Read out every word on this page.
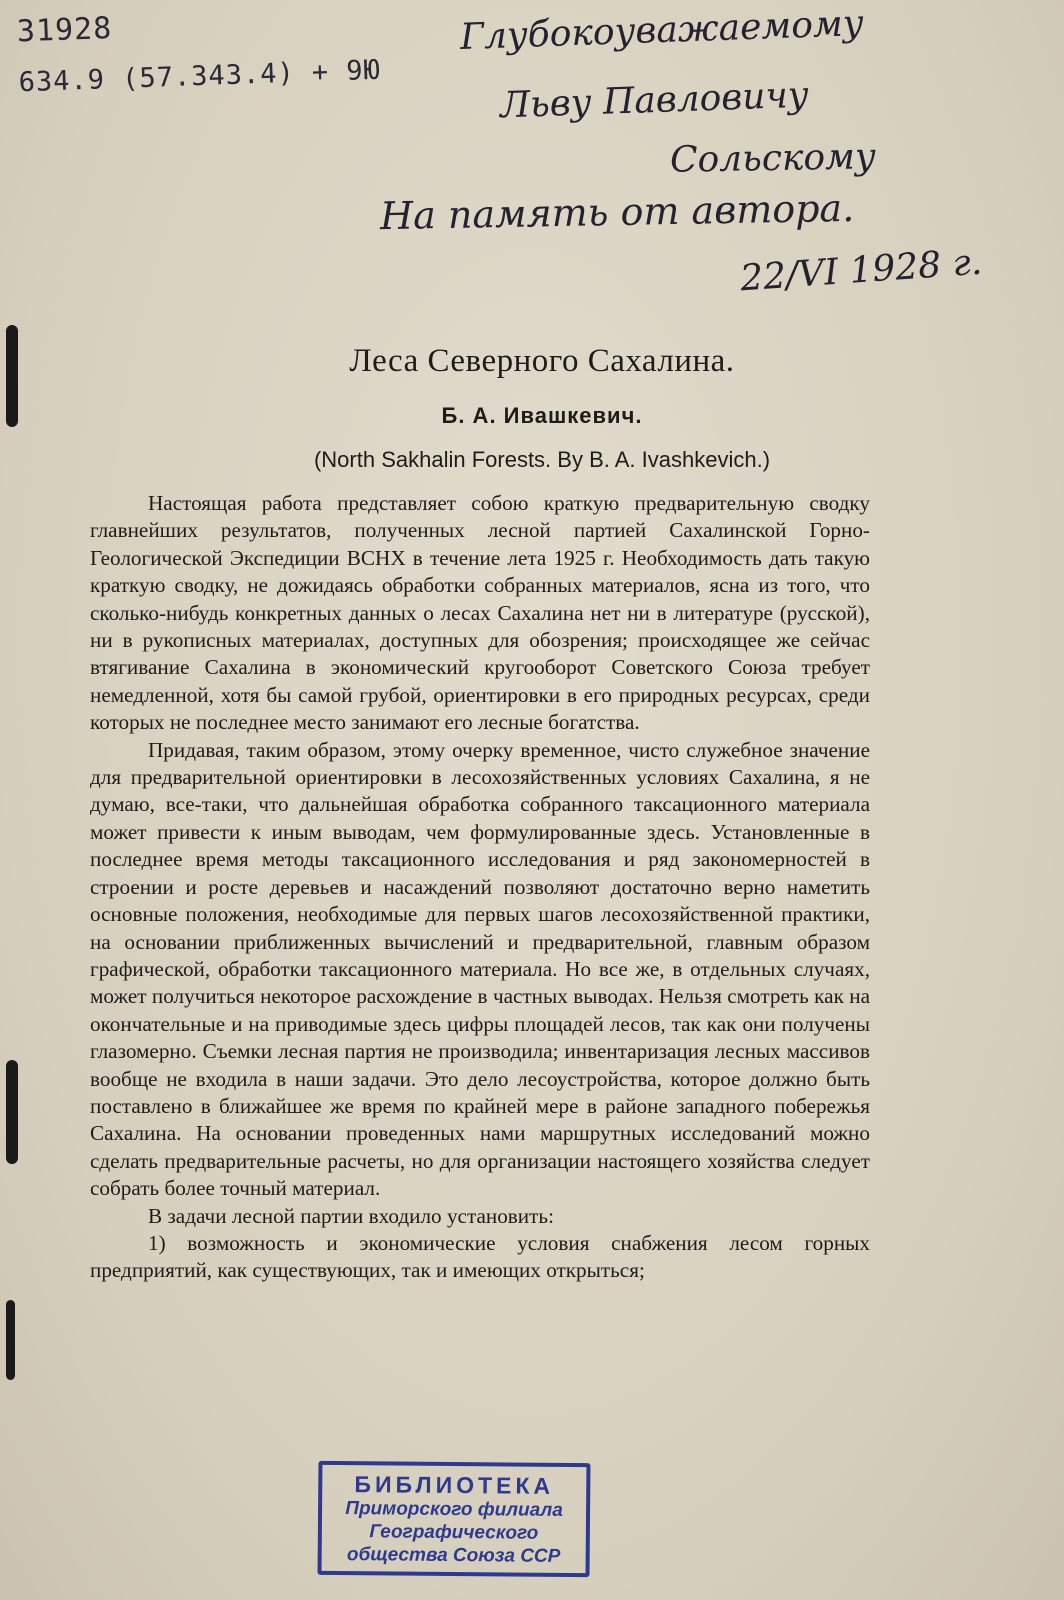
31928
634.9 (57.343.4) + 9Ю
Глубокоуважаемому
Льву Павловичу
Сольскому
На память от автора.
22/VI 1928 г.
Леса Северного Сахалина.
Б. А. Ивашкевич.
(North Sakhalin Forests. By B. A. Ivashkevich.)

Настоящая работа представляет собою краткую предварительную сводку главнейших результатов, полученных лесной партией Сахалинской Горно-Геологической Экспедиции ВСНХ в течение лета 1925 г. Необходимость дать такую краткую сводку, не дожидаясь обработки собранных материалов, ясна из того, что сколько-нибудь конкретных данных о лесах Сахалина нет ни в литературе (русской), ни в рукописных материалах, доступных для обозрения; происходящее же сейчас втягивание Сахалина в экономический кругооборот Советского Союза требует немедленной, хотя бы самой грубой, ориентировки в его природных ресурсах, среди которых не последнее место занимают его лесные богатства.

Придавая, таким образом, этому очерку временное, чисто служебное значение для предварительной ориентировки в лесохозяйственных условиях Сахалина, я не думаю, все-таки, что дальнейшая обработка собранного таксационного материала может привести к иным выводам, чем формулированные здесь. Установленные в последнее время методы таксационного исследования и ряд закономерностей в строении и росте деревьев и насаждений позволяют достаточно верно наметить основные положения, необходимые для первых шагов лесохозяйственной практики, на основании приближенных вычислений и предварительной, главным образом графической, обработки таксационного материала. Но все же, в отдельных случаях, может получиться некоторое расхождение в частных выводах. Нельзя смотреть как на окончательные и на приводимые здесь цифры площадей лесов, так как они получены глазомерно. Съемки лесная партия не производила; инвентаризация лесных массивов вообще не входила в наши задачи. Это дело лесоустройства, которое должно быть поставлено в ближайшее же время по крайней мере в районе западного побережья Сахалина. На основании проведенных нами маршрутных исследований можно сделать предварительные расчеты, но для организации настоящего хозяйства следует собрать более точный материал.

В задачи лесной партии входило установить:

1) возможность и экономические условия снабжения лесом горных предприятий, как существующих, так и имеющих открыться;

БИБЛИОТЕКА
Приморского филиала
Географического
общества Союза ССР
